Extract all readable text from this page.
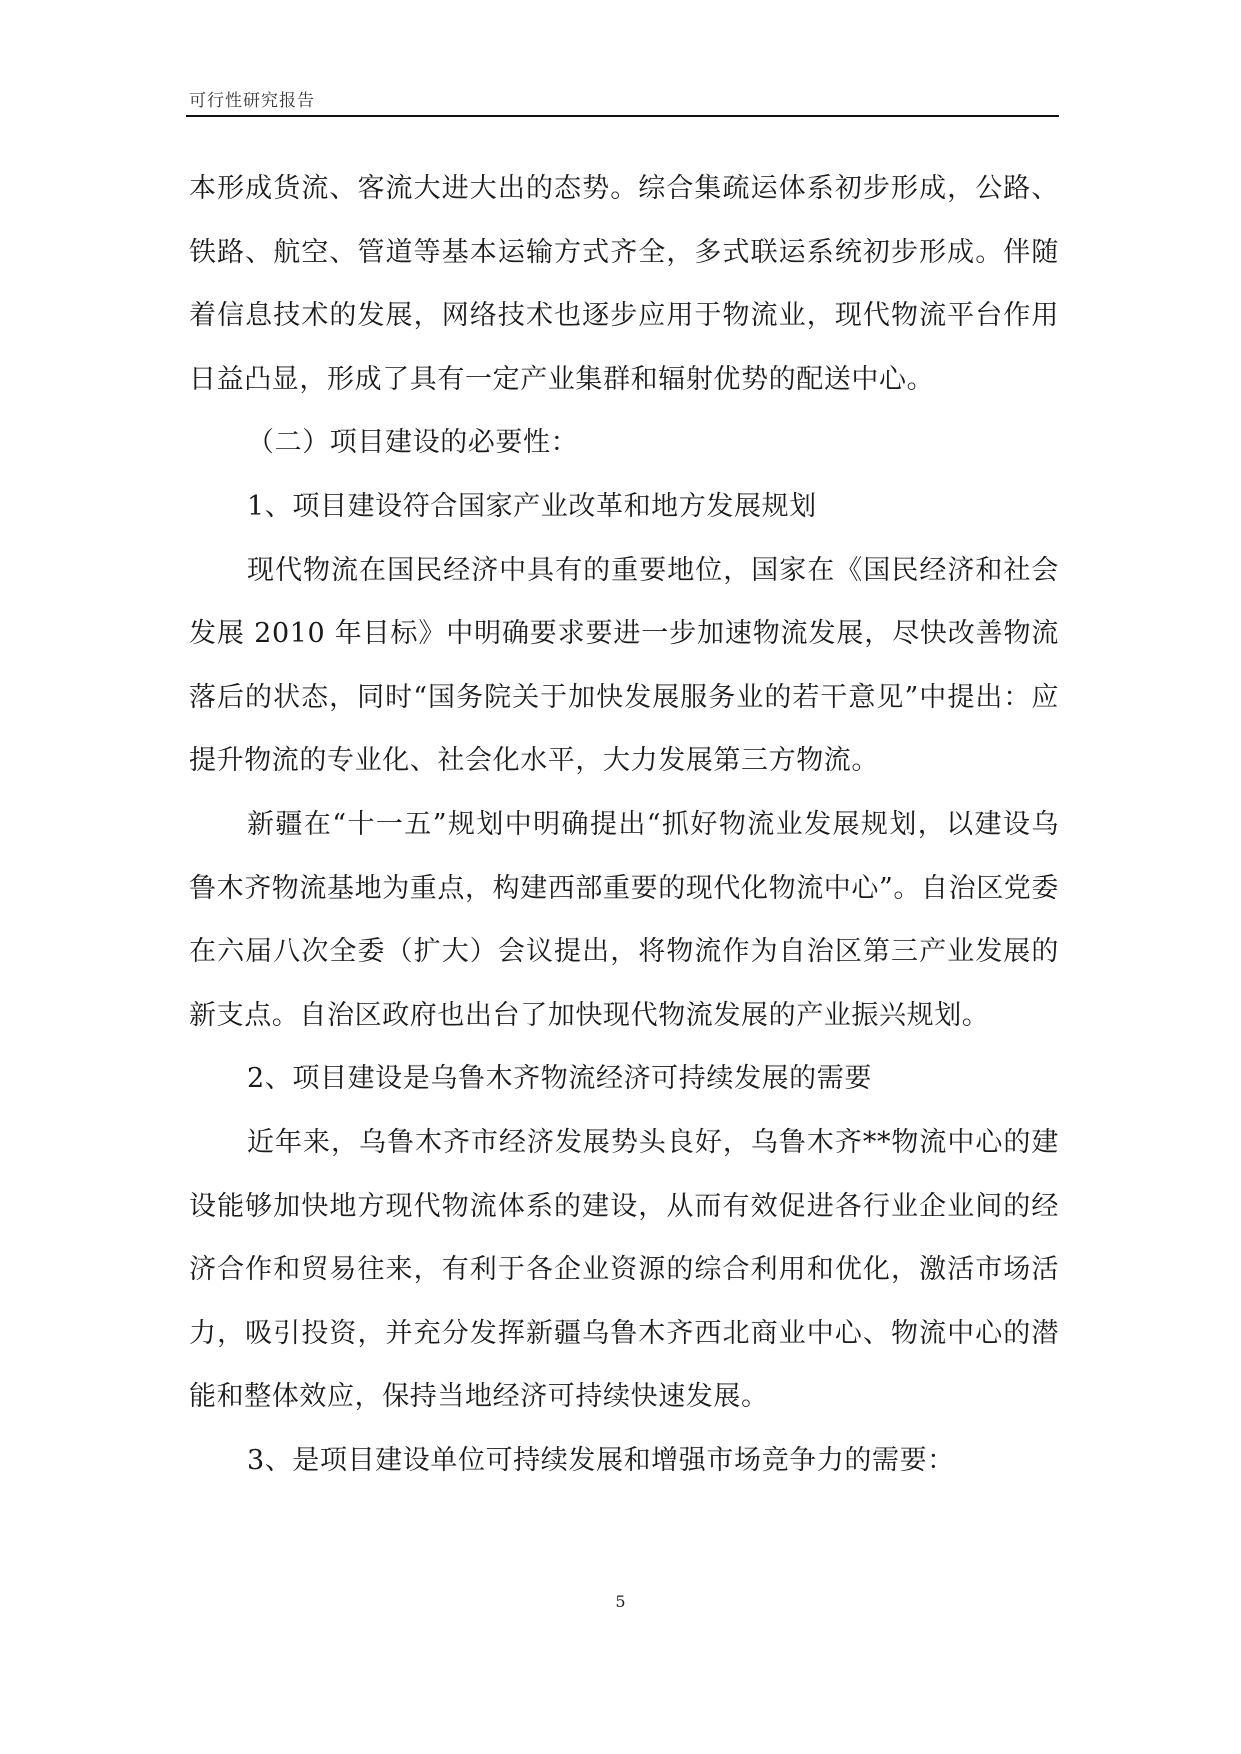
可行性研究报告

本形成货流、客流大进大出的态势。综合集疏运体系初步形成，公路、铁路、航空、管道等基本运输方式齐全，多式联运系统初步形成。伴随着信息技术的发展，网络技术也逐步应用于物流业，现代物流平台作用日益凸显，形成了具有一定产业集群和辐射优势的配送中心。

（二）项目建设的必要性：

1、项目建设符合国家产业改革和地方发展规划

现代物流在国民经济中具有的重要地位，国家在《国民经济和社会发展 2010 年目标》中明确要求要进一步加速物流发展，尽快改善物流落后的状态，同时“国务院关于加快发展服务业的若干意见”中提出：应提升物流的专业化、社会化水平，大力发展第三方物流。

新疆在“十一五”规划中明确提出“抓好物流业发展规划，以建设乌鲁木齐物流基地为重点，构建西部重要的现代化物流中心”。自治区党委在六届八次全委（扩大）会议提出，将物流作为自治区第三产业发展的新支点。自治区政府也出台了加快现代物流发展的产业振兴规划。

2、项目建设是乌鲁木齐物流经济可持续发展的需要

近年来，乌鲁木齐市经济发展势头良好，乌鲁木齐**物流中心的建设能够加快地方现代物流体系的建设，从而有效促进各行业企业间的经济合作和贸易往来，有利于各企业资源的综合利用和优化，激活市场活力，吸引投资，并充分发挥新疆乌鲁木齐西北商业中心、物流中心的潜能和整体效应，保持当地经济可持续快速发展。

3、是项目建设单位可持续发展和增强市场竞争力的需要：

5
